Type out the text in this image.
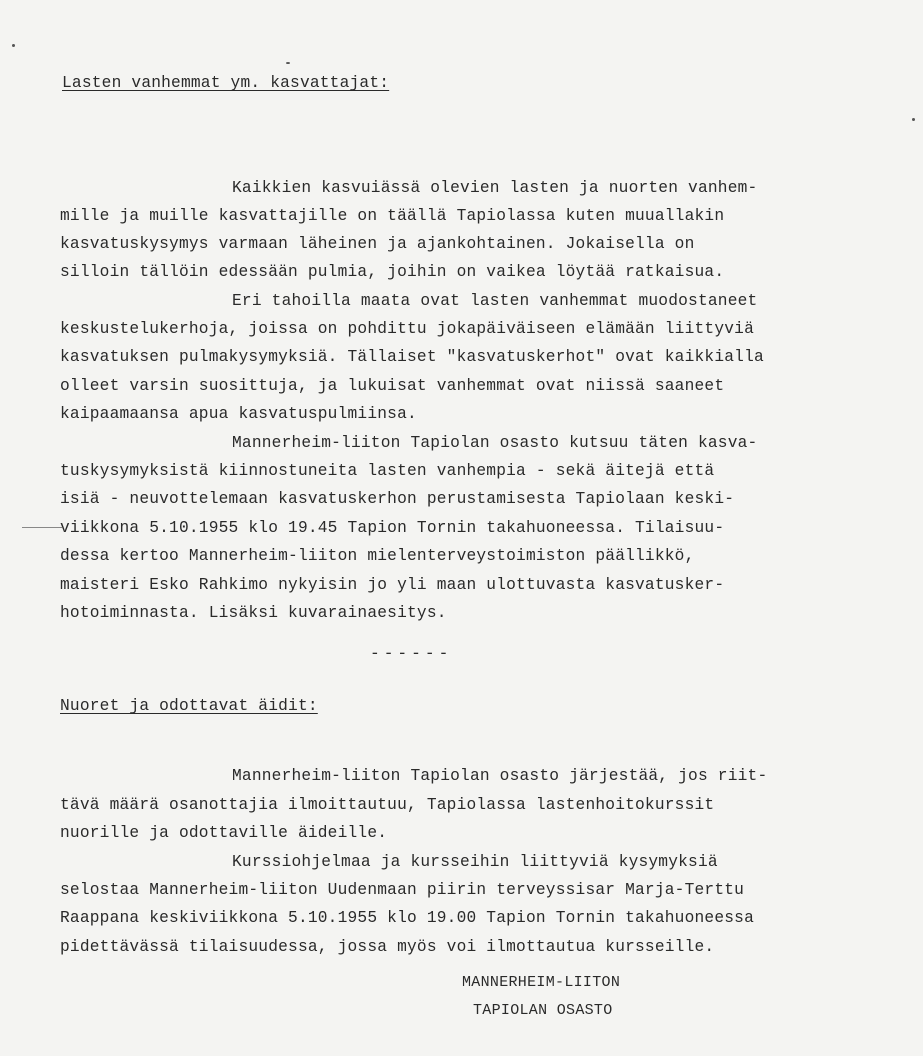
Lasten vanhemmat ym. kasvattajat:
Kaikkien kasvuiässä olevien lasten ja nuorten vanhem-
mille ja muille kasvattajille on täällä Tapiolassa kuten muuallakin
kasvatuskysymys varmaan läheinen ja ajankohtainen. Jokaisella on
silloin tällöin edessään pulmia, joihin on vaikea löytää ratkaisua.
Eri tahoilla maata ovat lasten vanhemmat muodostaneet
keskustelukerhoja, joissa on pohdittu jokapäiväiseen elämään liittyviä
kasvatuksen pulmakysymyksiä. Tällaiset "kasvatuskerhot" ovat kaikkialla
olleet varsin suosittuja, ja lukuisat vanhemmat ovat niissä saaneet
kaipaamaansa apua kasvatuspulmiinsa.
Mannerheim-liiton Tapiolan osasto kutsuu täten kasva-
tuskysymyksistä kiinnostuneita lasten vanhempia - sekä äitejä että
isiä - neuvottelemaan kasvatuskerhon perustamisesta Tapiolaan keski-
viikkona 5.10.1955 klo 19.45 Tapion Tornin takahuoneessa. Tilaisuu-
dessa kertoo Mannerheim-liiton mielenterveystoimiston päällikkö,
maisteri Esko Rahkimo nykyisin jo yli maan ulottuvasta kasvatusker-
hotoiminnasta. Lisäksi kuvarainaesitys.
------
Nuoret ja odottavat äidit:
Mannerheim-liiton Tapiolan osasto järjestää, jos riit-
tävä määrä osanottajia ilmoittautuu, Tapiolassa lastenhoitokurssit
nuorille ja odottaville äideille.
Kurssiohjelmaa ja kursseihin liittyviä kysymyksiä
selostaa Mannerheim-liiton Uudenmaan piirin terveyssisar Marja-Terttu
Raappana keskiviikkona 5.10.1955 klo 19.00 Tapion Tornin takahuoneessa
pidettävässä tilaisuudessa, jossa myös voi ilmottautua kursseille.
MANNERHEIM-LIITON
TAPIOLAN OSASTO
